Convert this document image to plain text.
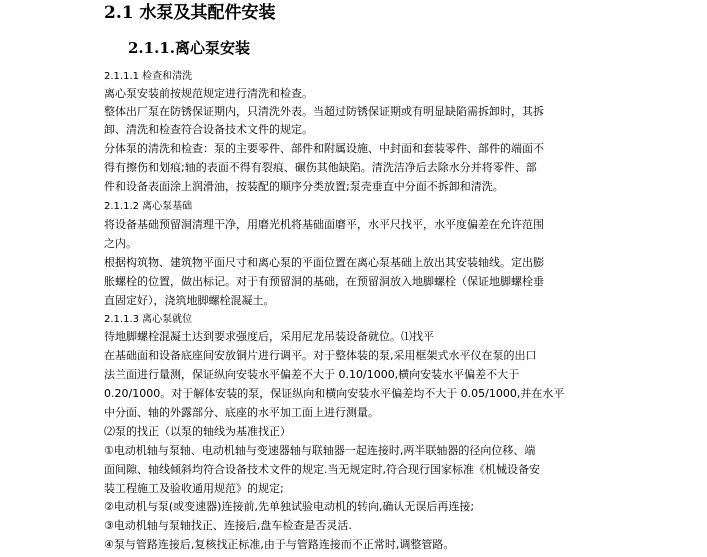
2.1 水泵及其配件安装
2.1.1.离心泵安装
2.1.1.1 检查和清洗
离心泵安装前按规范规定进行清洗和检查。
整体出厂泵在防锈保证期内，只清洗外表。当超过防锈保证期或有明显缺陷需拆卸时，其拆
卸、清洗和检查符合设备技术文件的规定。
分体泵的清洗和检查：泵的主要零件、部件和附属设施、中封面和套装零件、部件的端面不
得有擦伤和划痕;轴的表面不得有裂痕、碾伤其他缺陷。清洗洁净后去除水分并将零件、部
件和设备表面涂上润滑油，按装配的顺序分类放置;泵壳垂直中分面不拆卸和清洗。
2.1.1.2 离心泵基础
将设备基础预留洞清理干净，用磨光机将基础面磨平，水平尺找平，水平度偏差在允许范围
之内。
根据构筑物、建筑物平面尺寸和离心泵的平面位置在离心泵基础上放出其安装轴线。定出膨
胀螺栓的位置，做出标记。对于有预留洞的基础，在预留洞放入地脚螺栓（保证地脚螺栓垂
直固定好），浇筑地脚螺栓混凝土。
2.1.1.3 离心泵就位
待地脚螺栓混凝土达到要求强度后，采用尼龙吊装设备就位。⑴找平
在基础面和设备底座间安放铜片进行调平。对于整体装的泵,采用框架式水平仪在泵的出口
法兰面进行量测，保证纵向安装水平偏差不大于 0.10/1000,横向安装水平偏差不大于
0.20/1000。对于解体安装的泵，保证纵向和横向安装水平偏差均不大于 0.05/1000,并在水平
中分面、轴的外露部分、底座的水平加工面上进行测量。
⑵泵的找正（以泵的轴线为基准找正）
①电动机轴与泵轴、电动机轴与变速器轴与联轴器一起连接时,两半联轴器的径向位移、端
面间隙、轴线倾斜均符合设备技术文件的规定.当无规定时,符合现行国家标准《机械设备安
装工程施工及验收通用规范》的规定;
②电动机与泵(或变速器)连接前,先单独试验电动机的转向,确认无误后再连接;
③电动机轴与泵轴找正、连接后,盘车检查是否灵活.
④泵与管路连接后,复核找正标准,由于与管路连接而不正常时,调整管路。
